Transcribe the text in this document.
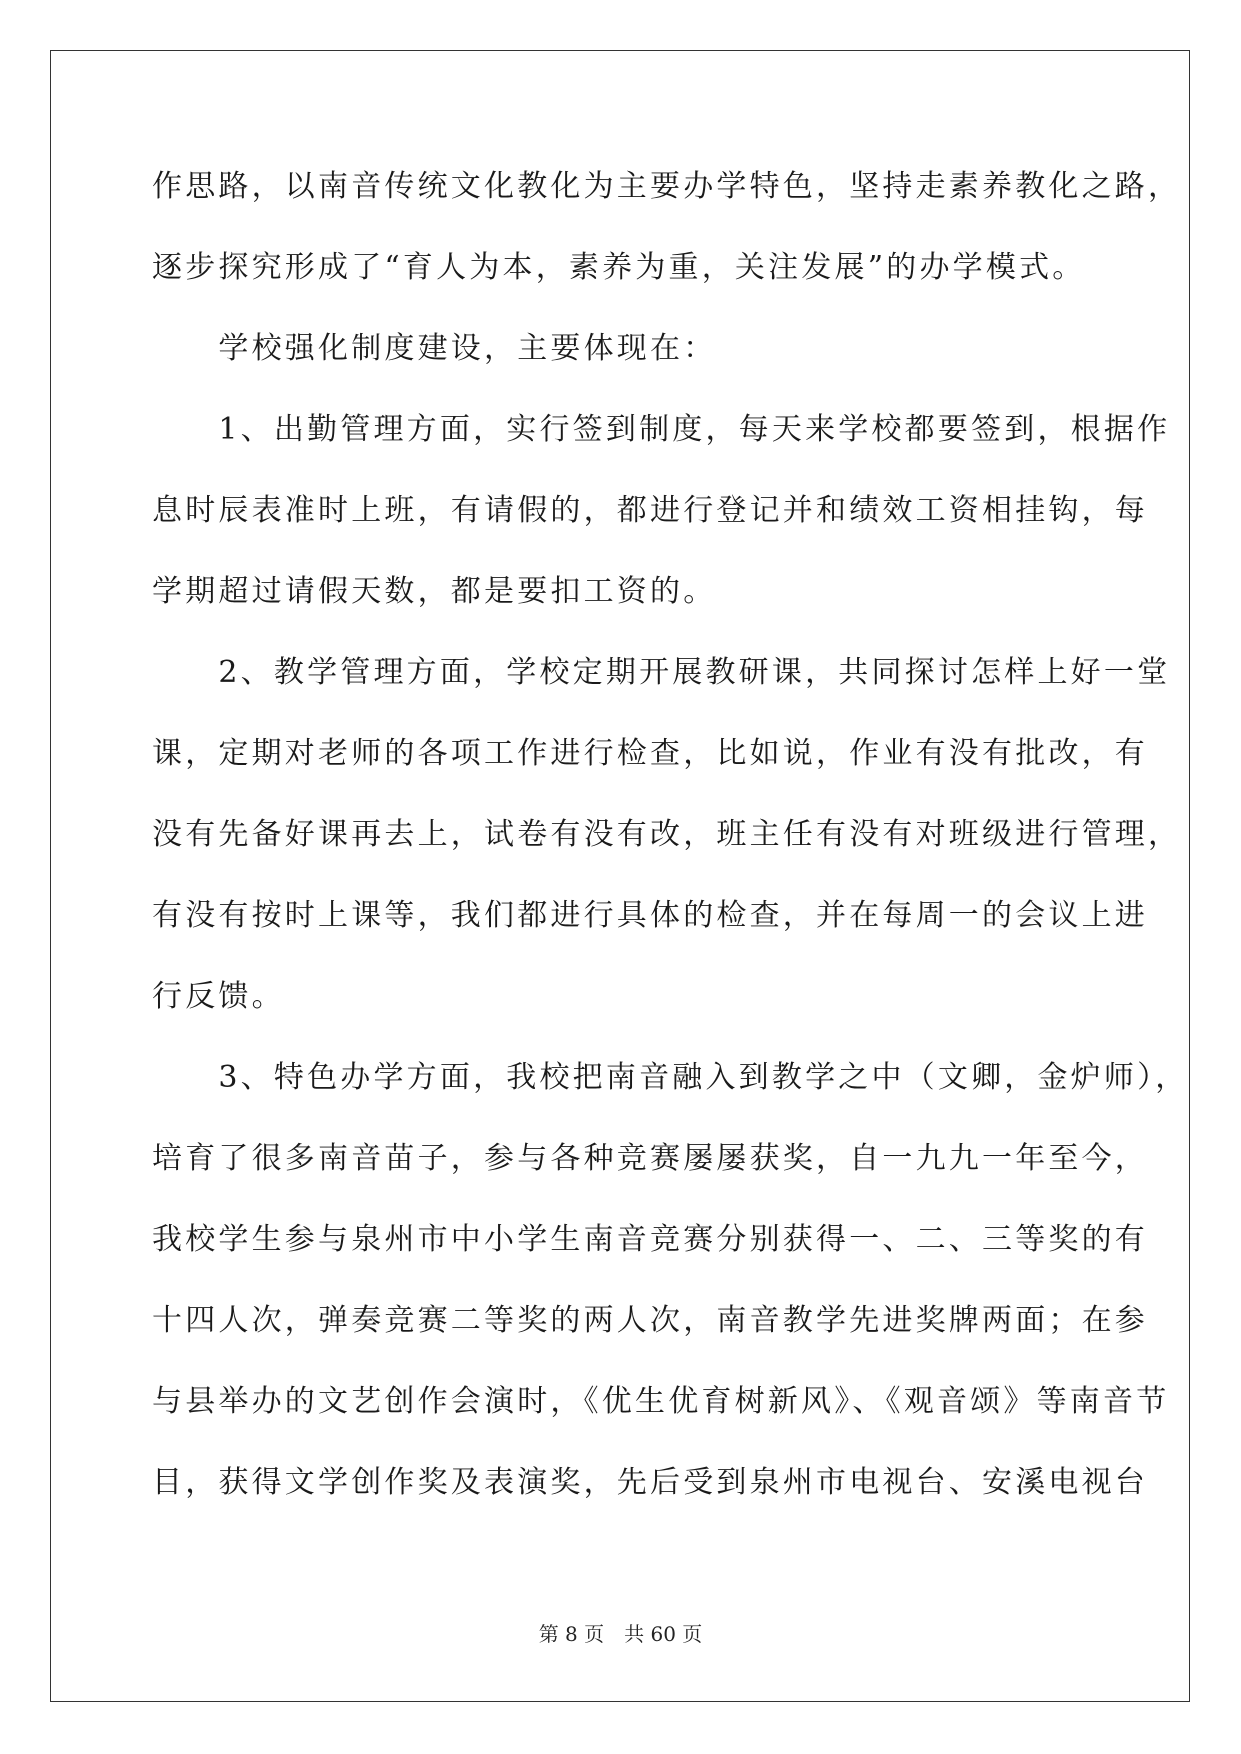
作思路，以南音传统文化教化为主要办学特色，坚持走素养教化之路，
逐步探究形成了“育人为本，素养为重，关注发展”的办学模式。
　　学校强化制度建设，主要体现在：
　　1、出勤管理方面，实行签到制度，每天来学校都要签到，根据作
息时辰表准时上班，有请假的，都进行登记并和绩效工资相挂钩，每
学期超过请假天数，都是要扣工资的。
　　2、教学管理方面，学校定期开展教研课，共同探讨怎样上好一堂
课，定期对老师的各项工作进行检查，比如说，作业有没有批改，有
没有先备好课再去上，试卷有没有改，班主任有没有对班级进行管理，
有没有按时上课等，我们都进行具体的检查，并在每周一的会议上进
行反馈。
　　3、特色办学方面，我校把南音融入到教学之中（文卿，金炉师），
培育了很多南音苗子，参与各种竞赛屡屡获奖，自一九九一年至今，
我校学生参与泉州市中小学生南音竞赛分别获得一、二、三等奖的有
十四人次，弹奏竞赛二等奖的两人次，南音教学先进奖牌两面；在参
与县举办的文艺创作会演时，《优生优育树新风》、《观音颂》等南音节
目，获得文学创作奖及表演奖，先后受到泉州市电视台、安溪电视台
第 8 页　共 60 页
